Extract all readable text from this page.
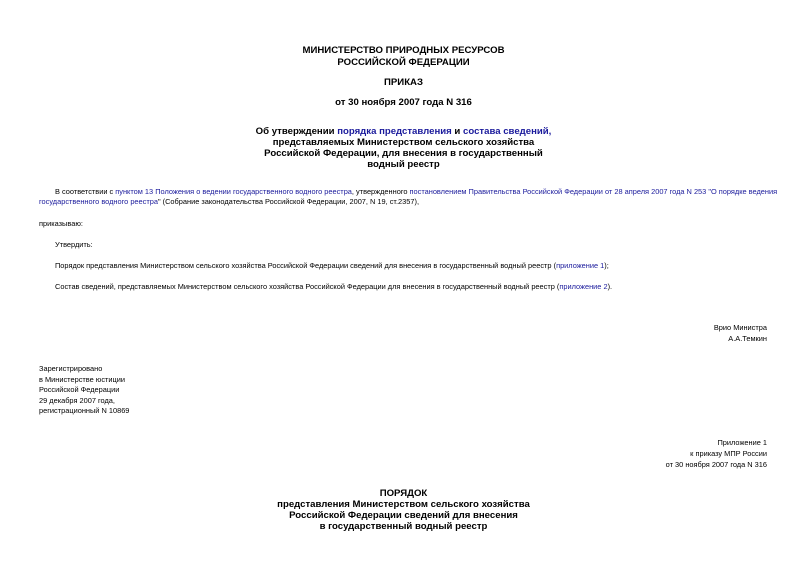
МИНИСТЕРСТВО ПРИРОДНЫХ РЕСУРСОВ
РОССИЙСКОЙ ФЕДЕРАЦИИ
ПРИКАЗ
от 30 ноября 2007 года N 316
Об утверждении порядка представления и состава сведений,
представляемых Министерством сельского хозяйства
Российской Федерации, для внесения в государственный
водный реестр
В соответствии с пунктом 13 Положения о ведении государственного водного реестра, утвержденного постановлением Правительства Российской Федерации от 28 апреля 2007 года N 253 "О порядке ведения
государственного водного реестра" (Собрание законодательства Российской Федерации, 2007, N 19, ст.2357),
приказываю:
Утвердить:
Порядок представления Министерством сельского хозяйства Российской Федерации сведений для внесения в государственный водный реестр (приложение 1);
Состав сведений, представляемых Министерством сельского хозяйства Российской Федерации для внесения в государственный водный реестр (приложение 2).
Врио Министра
А.А.Темкин
Зарегистрировано
в Министерстве юстиции
Российской Федерации
29 декабря 2007 года,
регистрационный N 10869
Приложение 1
к приказу МПР России
от 30 ноября 2007 года N 316
ПОРЯДОК
представления Министерством сельского хозяйства
Российской Федерации сведений для внесения
в государственный водный реестр
